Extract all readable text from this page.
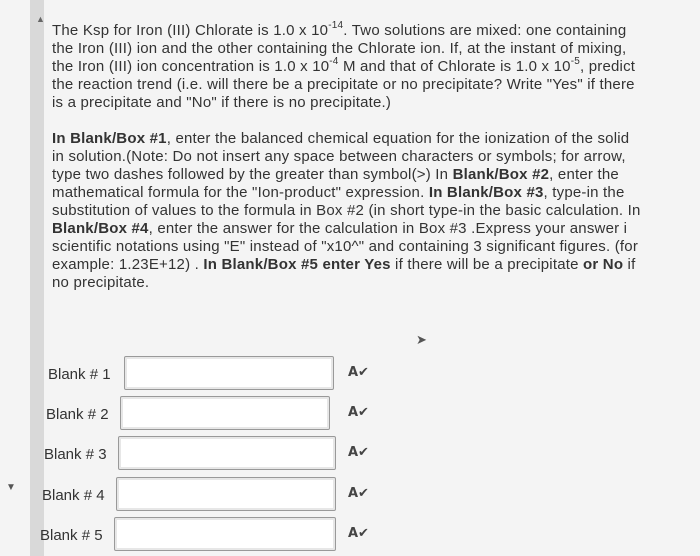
▲
▼

The Ksp for Iron (III) Chlorate is 1.0 x $10^{-14}$. Two solutions are mixed: one containing the Iron (III) ion and the other containing the Chlorate ion. If, at the instant of mixing, the Iron (III) ion concentration is 1.0 x $10^{-4}$ M and that of Chlorate is 1.0 x $10^{-5}$, predict the reaction trend (i.e. will there be a precipitate or no precipitate? Write "Yes" if there is a precipitate and "No" if there is no precipitate.)

In Blank/Box #1, enter the balanced chemical equation for the ionization of the solid in solution.(Note: Do not insert any space between characters or symbols; for arrow, type two dashes followed by the greater than symbol(>) In Blank/Box #2, enter the mathematical formula for the "Ion-product" expression. In Blank/Box #3, type-in the substitution of values to the formula in Box #2 (in short type-in the basic calculation. In Blank/Box #4, enter the answer for the calculation in Box #3 .Express your answer i scientific notations using "E" instead of "x10^" and containing 3 significant figures. (for example: 1.23E+12) . In Blank/Box #5 enter Yes if there will be a precipitate or No if no precipitate.

➤
Blank # 1	A✔
Blank # 2	A✔
Blank # 3	A✔
Blank # 4	A✔
Blank # 5	A✔
